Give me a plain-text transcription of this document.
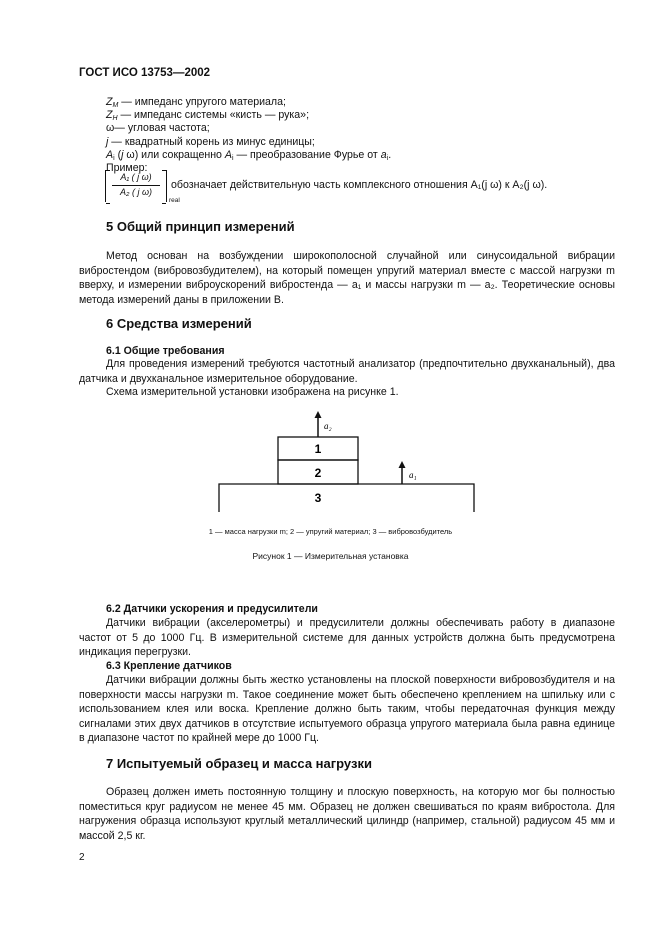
ГОСТ ИСО 13753—2002
$Z_M$ — импеданс упругого материала;
$Z_H$ — импеданс системы «кисть — рука»;
ω— угловая частота;
j — квадратный корень из минус единицы;
$A_i$ (j ω) или сокращенно $A_i$ — преобразование Фурье от $a_i$.
Пример:
A₁ ( j ω)
A₂ ( j ω)
real
обозначает действительную часть комплексного отношения A₁(j ω) к A₂(j ω).
5 Общий принцип измерений

Метод основан на возбуждении широкополосной случайной или синусоидальной вибрации вибростендом (вибровозбудителем), на который помещен упругий материал вместе с массой нагрузки m вверху, и измерении виброускорений вибростенда — a₁ и массы нагрузки m — a₂. Теоретические основы метода измерений даны в приложении В.

6 Средства измерений
6.1 Общие требования

Для проведения измерений требуются частотный анализатор (предпочтительно двухканальный), два датчика и двухканальное измерительное оборудование.

Схема измерительной установки изображена на рисунке 1.

a₂
1
2	a₁
3
1 — масса нагрузки m; 2 — упругий материал; 3 — вибровозбудитель
Рисунок 1 — Измерительная установка
6.2 Датчики ускорения и предусилители

Датчики вибрации (акселерометры) и предусилители должны обеспечивать работу в диапазоне частот от 5 до 1000 Гц. В измерительной системе для данных устройств должна быть предусмотрена индикация перегрузки.

6.3 Крепление датчиков

Датчики вибрации должны быть жестко установлены на плоской поверхности вибровозбудителя и на поверхности массы нагрузки m. Такое соединение может быть обеспечено креплением на шпильку или с использованием клея или воска. Крепление должно быть таким, чтобы передаточная функция между сигналами этих двух датчиков в отсутствие испытуемого образца упругого материала была равна единице в диапазоне частот по крайней мере до 1000 Гц.

7 Испытуемый образец и масса нагрузки

Образец должен иметь постоянную толщину и плоскую поверхность, на которую мог бы полностью поместиться круг радиусом не менее 45 мм. Образец не должен свешиваться по краям вибростола. Для нагружения образца используют круглый металлический цилиндр (например, стальной) радиусом 45 мм и массой 2,5 кг.

2
